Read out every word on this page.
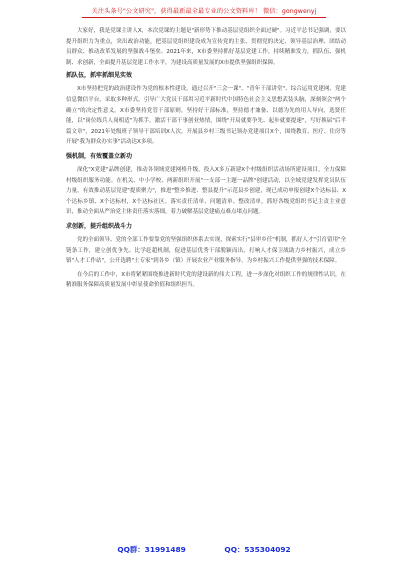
关注头条号"公文研究"，获得最新最全最专业的公文资料库！ 微信：gongwenyj

大家好，我是党课主讲人X，本次党课的主题是"新形势下推动基层党组织全面过硬"。习近平总书记强调，要以提升组织力为重点，突出政治功能，把基层党组织建设成为宣传党的主张、贯彻党的决定、领导基层治理、团结动员群众、推动改革发展的坚强战斗堡垒。2021年来，X市委坚持抓好基层党建工作，持续精准发力，抓队伍、强机制、求创新，全面提升基层党建工作水平，为建设高质量发展的X市提供坚强组织保障。

抓队伍，抓牢抓细见实效

X市坚持把党的政治建设作为党的根本性建设，通过召开"三会一课"、"青年干部讲堂"、综合运用党建网、党建信息微信平台，采取多种形式，引导广大党员干部用习近平新时代中国特色社会主义思想武装头脑，深刻领会"两个确立"的决定性意义。X市委坚持党管干部原则，坚持好干部标准，坚持德才兼备、以德为先的用人导向，选贤任能，以"岗位练兵人岗相适"为抓手，激活干部干事创业热情，围绕"开局就要争先、起步就要提速"，写好换届"后半篇文章"，2021年处级班子领导干部培训X人次，开展县乡村三级书记领办党建项目X个，围绕教育、医疗、住房等开展"我为群众办实事"活动达X多项。

强机制，有效覆盖立新功

深化"X党建"品牌创建，推动各领域党建网格升级，投入X多万新建X个村级组织活动场所建设项目，全力保障村级组织服务功能。在机关、中小学校、两新组织开展"一支部一主题一品牌"创建活动，以全域党建发挥党员队伍力量，有效推动基层党建"提质聚力"，推进"整乡推进、整县提升"示范县乡创建，现已成功申报创建X个达标县、X个达标乡镇、X个达标村，X个达标社区。落实责任清单、问题清单、整改清单，抓好各级党组织书记主责主业意识，推动全面从严治党主体责任落实落细，着力破解基层党建痛点难点堵点问题。

求创新，提升组织战斗力

党的全面领导、党的全部工作要靠党的坚强组织体系去实现，探索实行"县审乡任"机制，抓好人才"引育留用"全链条工作，建立创优争先、比学赶超机制，促进基层优秀干部脱颖而出，打响人才保卫战助力乡村振兴，成立乡镇"人才工作站"，公开选聘"土专家"到各乡（镇）开展农业产业服务指导，为乡村振兴工作提供坚强的技术保障。

在今后的工作中，X市将紧紧围绕推进新时代党的建设新的伟大工程，进一步深化对组织工作的规律性认识，在精准服务保障高质量发展中彰显使命价值和组织担当。

QQ群：31991489	QQ：535304092
